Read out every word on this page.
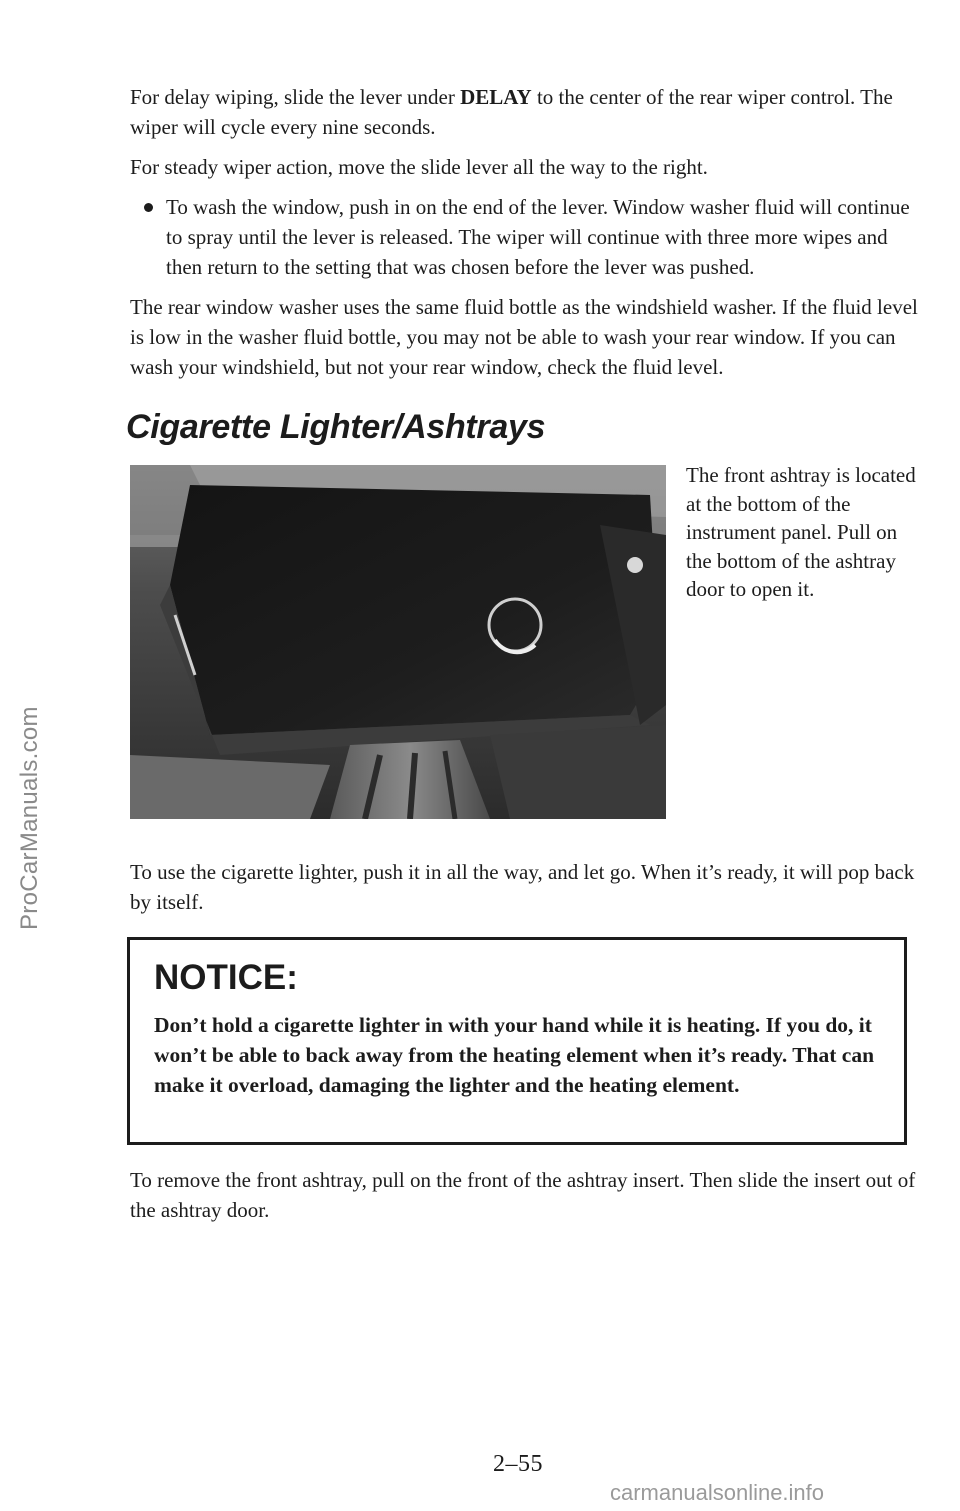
ProCarManuals.com

For delay wiping, slide the lever under DELAY to the center of the rear wiper control. The wiper will cycle every nine seconds.

For steady wiper action, move the slide lever all the way to the right.

To wash the window, push in on the end of the lever. Window washer fluid will continue to spray until the lever is released. The wiper will continue with three more wipes and then return to the setting that was chosen before the lever was pushed.

The rear window washer uses the same fluid bottle as the windshield washer. If the fluid level is low in the washer fluid bottle, you may not be able to wash your rear window. If you can wash your windshield, but not your rear window, check the fluid level.

Cigarette Lighter/Ashtrays
The front ashtray is located at the bottom of the instrument panel. Pull on the bottom of the ashtray door to open it.

To use the cigarette lighter, push it in all the way, and let go. When it’s ready, it will pop back by itself.

NOTICE:
Don’t hold a cigarette lighter in with your hand while it is heating. If you do, it won’t be able to back away from the heating element when it’s ready. That can make it overload, damaging the lighter and the heating element.

To remove the front ashtray, pull on the front of the ashtray insert. Then slide the insert out of the ashtray door.

2–55
carmanualsonline.info
